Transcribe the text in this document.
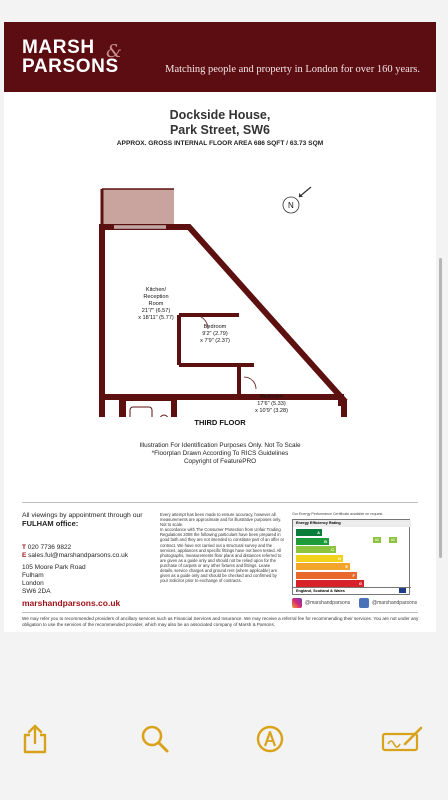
MARSH &
PARSONS	Matching people and property in London for over 160 years.
Dockside House,
Park Street, SW6
APPROX. GROSS INTERNAL FLOOR AREA 686 SQFT / 63.73 SQM
N
Kitchen/
Reception
Room
21'7" (6.57)
x 18'11" (5.77)
Bedroom
9'2" (2.79)
x 7'9" (2.37)
Bedroom
17'6" (5.33)
x 10'9" (3.28)
THIRD FLOOR
Illustration For Identification Purposes Only. Not To Scale
*Floorplan Drawn According To RICS Guidelines
Copyright of FeaturePRO
All viewings by appointment through our
FULHAM office:
T 020 7736 9822
E sales.ful@marshandparsons.co.uk
105 Moore Park Road
Fulham
London
SW6 2DA
marshandparsons.co.uk
Every attempt has been made to ensure accuracy, however all measurements are approximate and for illustrative purposes only. Not to scale.
In accordance with The Consumer Protection from Unfair Trading Regulations 2008 the following particulars have been prepared in good faith and they are not intended to constitute part of an offer or contract. We have not carried out a structural survey and the services, appliances and specific fittings have not been tested. All photographs, measurements floor plans and distances referred to are given as a guide only and should not be relied upon for the purchase of carpets or any other fixtures and fittings. Lease details, service charges and ground rent (where applicable) are given as a guide only and should be checked and confirmed by your Solicitor prior to exchange of contracts.
Our Energy Performance Certificate available on request.
Energy Efficiency Rating
A
B
C
D
E
F
G
82	82
England, Scotland & Wales
@marshandparsons	@marshandparsons
We may refer you to recommended providers of ancillary services such as Financial Services and Insurance. We may receive a referral fee for recommending their services. You are not under any obligation to use the services of the recommended provider, which may also be an associated company of Marsh & Parsons.
